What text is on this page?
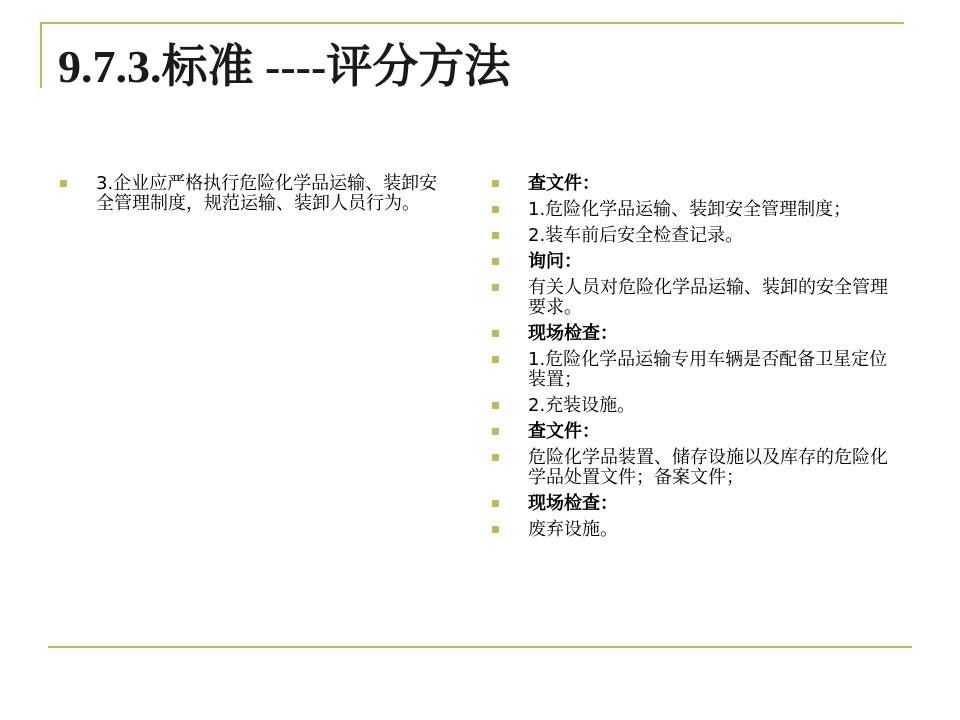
9.7.3.标准 ----评分方法
3.企业应严格执行危险化学品运输、装卸安全管理制度，规范运输、装卸人员行为。
查文件：
1.危险化学品运输、装卸安全管理制度；
2.装车前后安全检查记录。
询问：
有关人员对危险化学品运输、装卸的安全管理要求。
现场检查：
1.危险化学品运输专用车辆是否配备卫星定位装置；
2.充装设施。
查文件：
危险化学品装置、储存设施以及库存的危险化学品处置文件；备案文件；
现场检查：
废弃设施。
